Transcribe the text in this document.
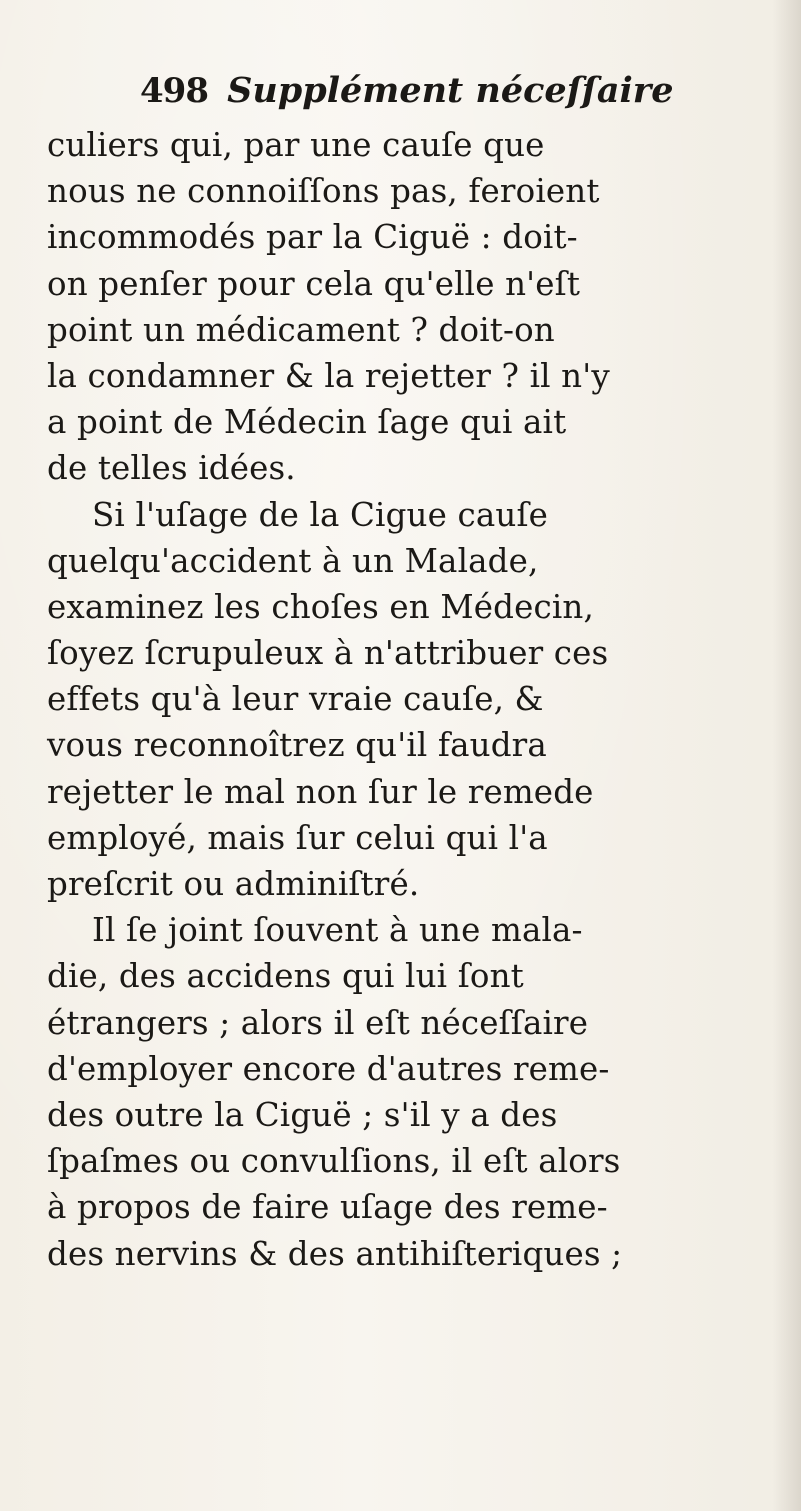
498 Supplément néceſſaire
culiers qui, par une cauſe que
nous ne connoiſſons pas, feroient
incommodés par la Ciguë : doit-
on penſer pour cela qu'elle n'eſt
point un médicament ? doit-on
la condamner & la rejetter ? il n'y
a point de Médecin ſage qui ait
de telles idées.
Si l'uſage de la Cigue cauſe
quelqu'accident à un Malade,
examinez les choſes en Médecin,
ſoyez ſcrupuleux à n'attribuer ces
effets qu'à leur vraie cauſe, &
vous reconnoîtrez qu'il faudra
rejetter le mal non ſur le remede
employé, mais ſur celui qui l'a
preſcrit ou adminiſtré.
Il ſe joint ſouvent à une mala-
die, des accidens qui lui ſont
étrangers ; alors il eſt néceſſaire
d'employer encore d'autres reme-
des outre la Ciguë ; s'il y a des
ſpaſmes ou convulſions, il eſt alors
à propos de faire uſage des reme-
des nervins & des antihiſteriques ;
